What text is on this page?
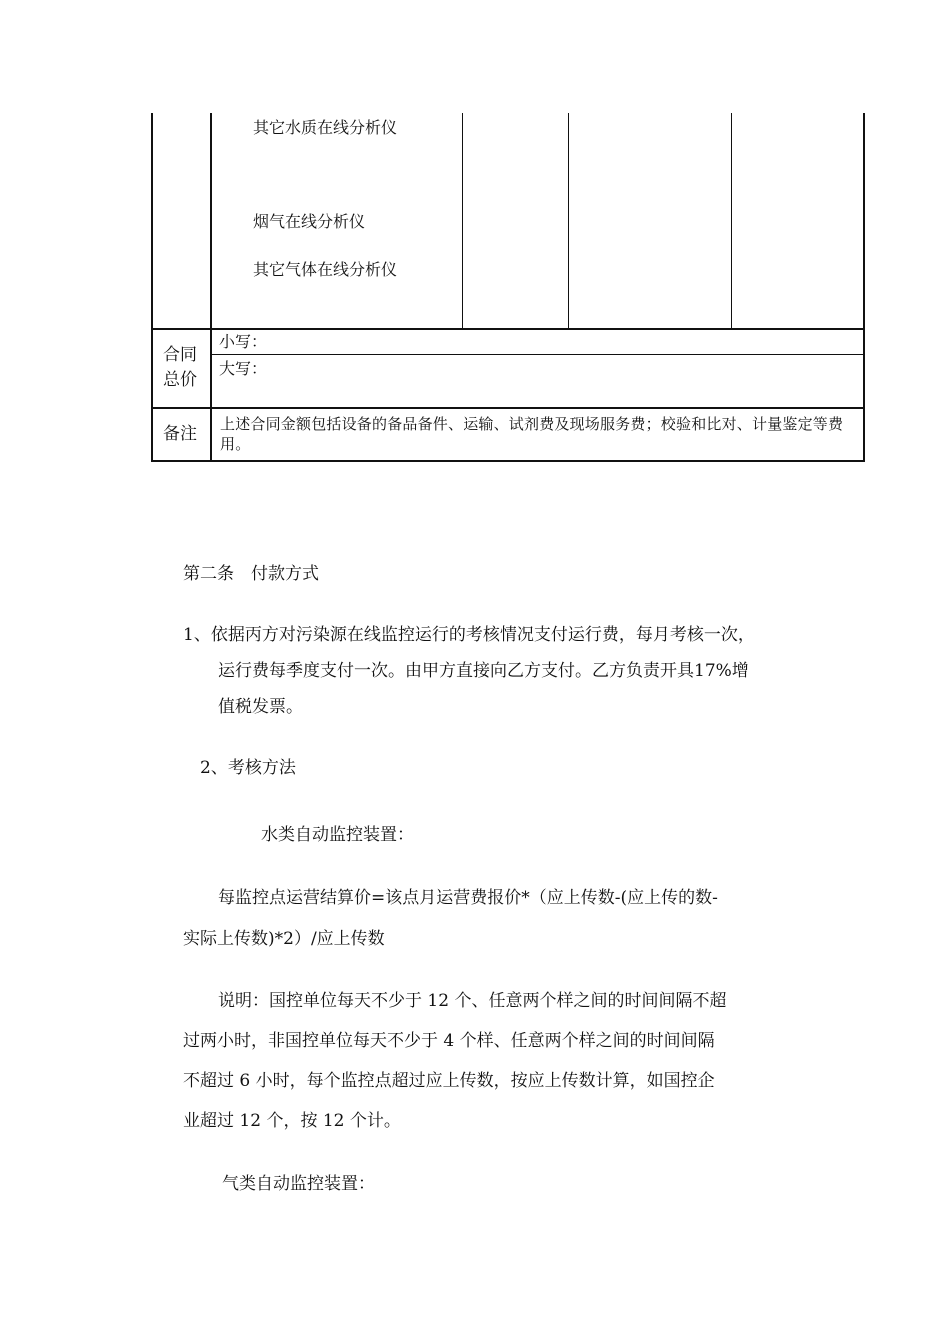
其它水质在线分析仪
烟气在线分析仪
其它气体在线分析仪
合同
总价
小写：
大写：
备注 上述合同金额包括设备的备品备件、运输、试剂费及现场服务费；校验和比对、计量鉴定等费用。
第二条　付款方式
1、依据丙方对污染源在线监控运行的考核情况支付运行费，每月考核一次，
运行费每季度支付一次。由甲方直接向乙方支付。乙方负责开具17%增
值税发票。
2、考核方法
水类自动监控装置：
每监控点运营结算价=该点月运营费报价*（应上传数-(应上传的数-
实际上传数)*2）/应上传数
说明：国控单位每天不少于 12 个、任意两个样之间的时间间隔不超
过两小时，非国控单位每天不少于 4 个样、任意两个样之间的时间间隔
不超过 6 小时，每个监控点超过应上传数，按应上传数计算，如国控企
业超过 12 个，按 12 个计。
气类自动监控装置：
